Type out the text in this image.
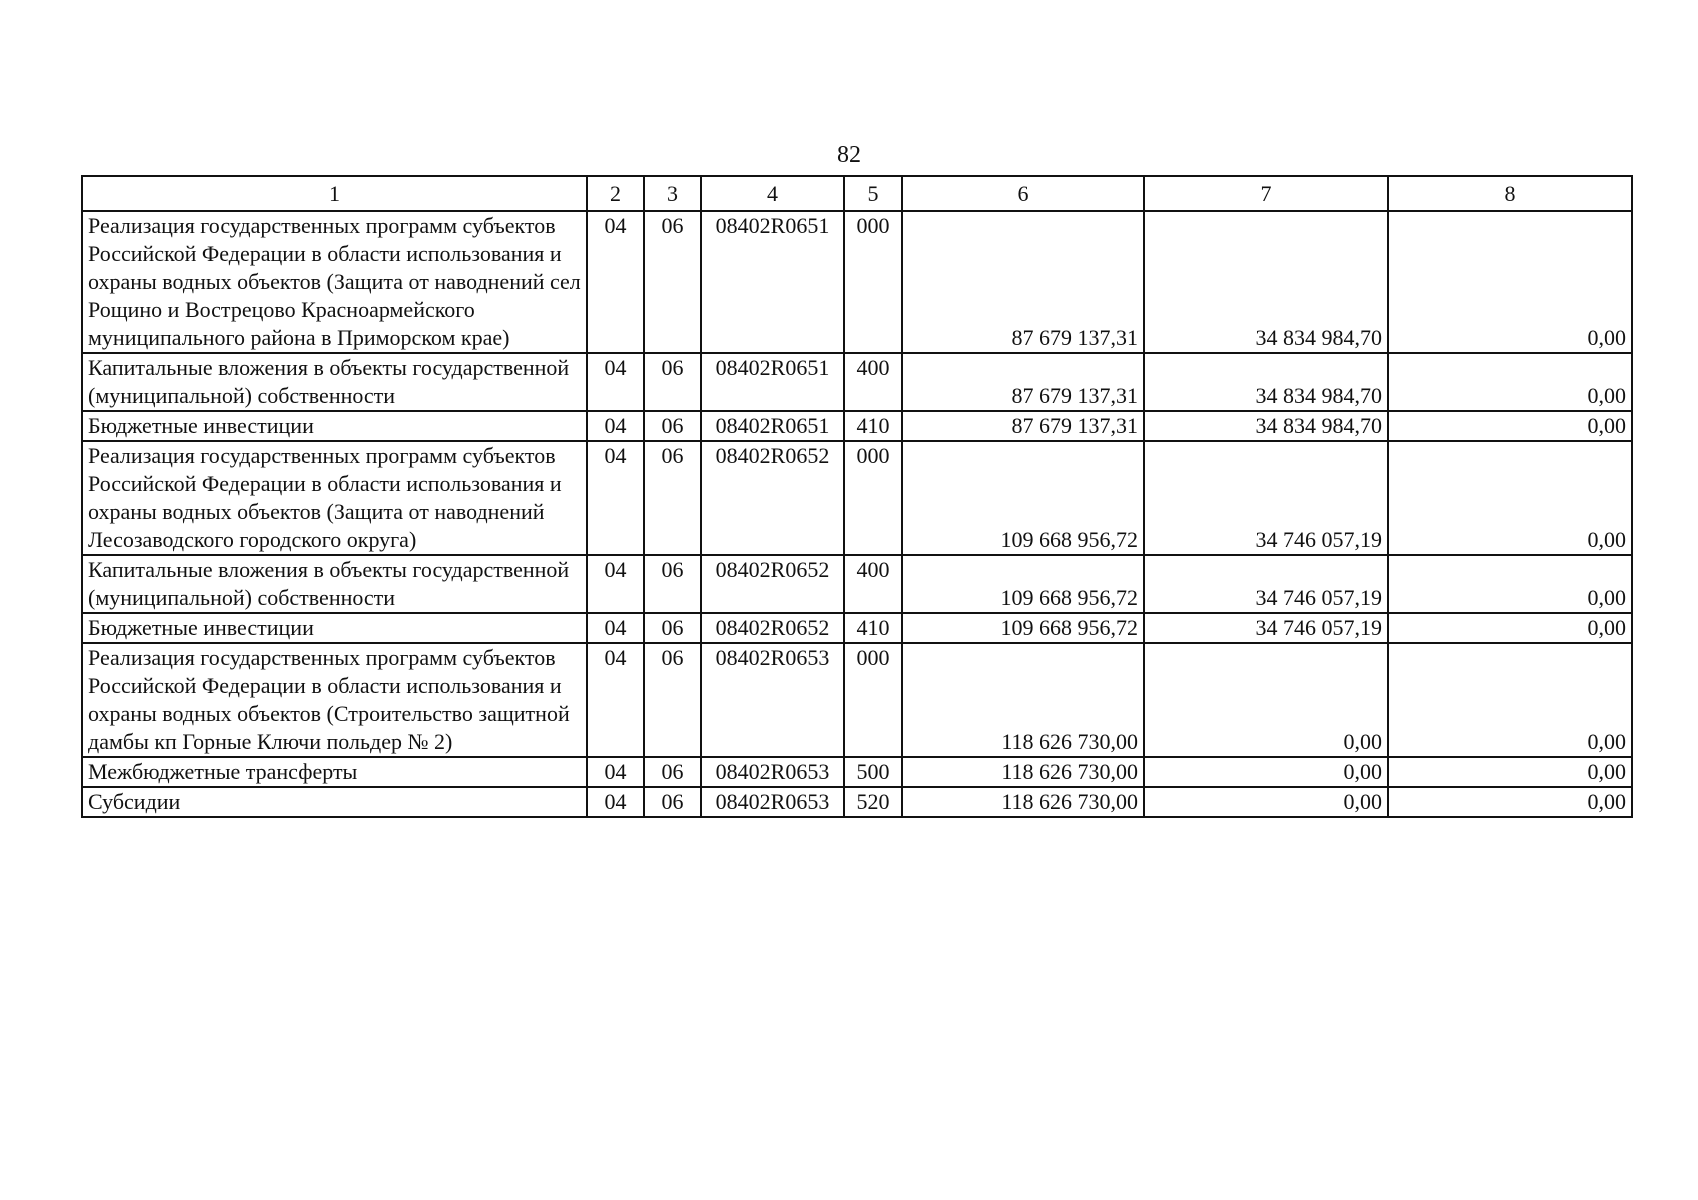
82
1	2	3	4	5	6	7	8
Реализация государственных программ субъектов Российской Федерации в области использования и охраны водных объектов (Защита от наводнений сел Рощино и Вострецово Красноармейского муниципального района в Приморском крае)	04	06	08402R0651	000	87 679 137,31	34 834 984,70	0,00
Капитальные вложения в объекты государственной (муниципальной) собственности	04	06	08402R0651	400	87 679 137,31	34 834 984,70	0,00
Бюджетные инвестиции	04	06	08402R0651	410	87 679 137,31	34 834 984,70	0,00
Реализация государственных программ субъектов Российской Федерации в области использования и охраны водных объектов (Защита от наводнений Лесозаводского городского округа)	04	06	08402R0652	000	109 668 956,72	34 746 057,19	0,00
Капитальные вложения в объекты государственной (муниципальной) собственности	04	06	08402R0652	400	109 668 956,72	34 746 057,19	0,00
Бюджетные инвестиции	04	06	08402R0652	410	109 668 956,72	34 746 057,19	0,00
Реализация государственных программ субъектов Российской Федерации в области использования и охраны водных объектов (Строительство защитной дамбы кп Горные Ключи польдер № 2)	04	06	08402R0653	000	118 626 730,00	0,00	0,00
Межбюджетные трансферты	04	06	08402R0653	500	118 626 730,00	0,00	0,00
Субсидии	04	06	08402R0653	520	118 626 730,00	0,00	0,00
